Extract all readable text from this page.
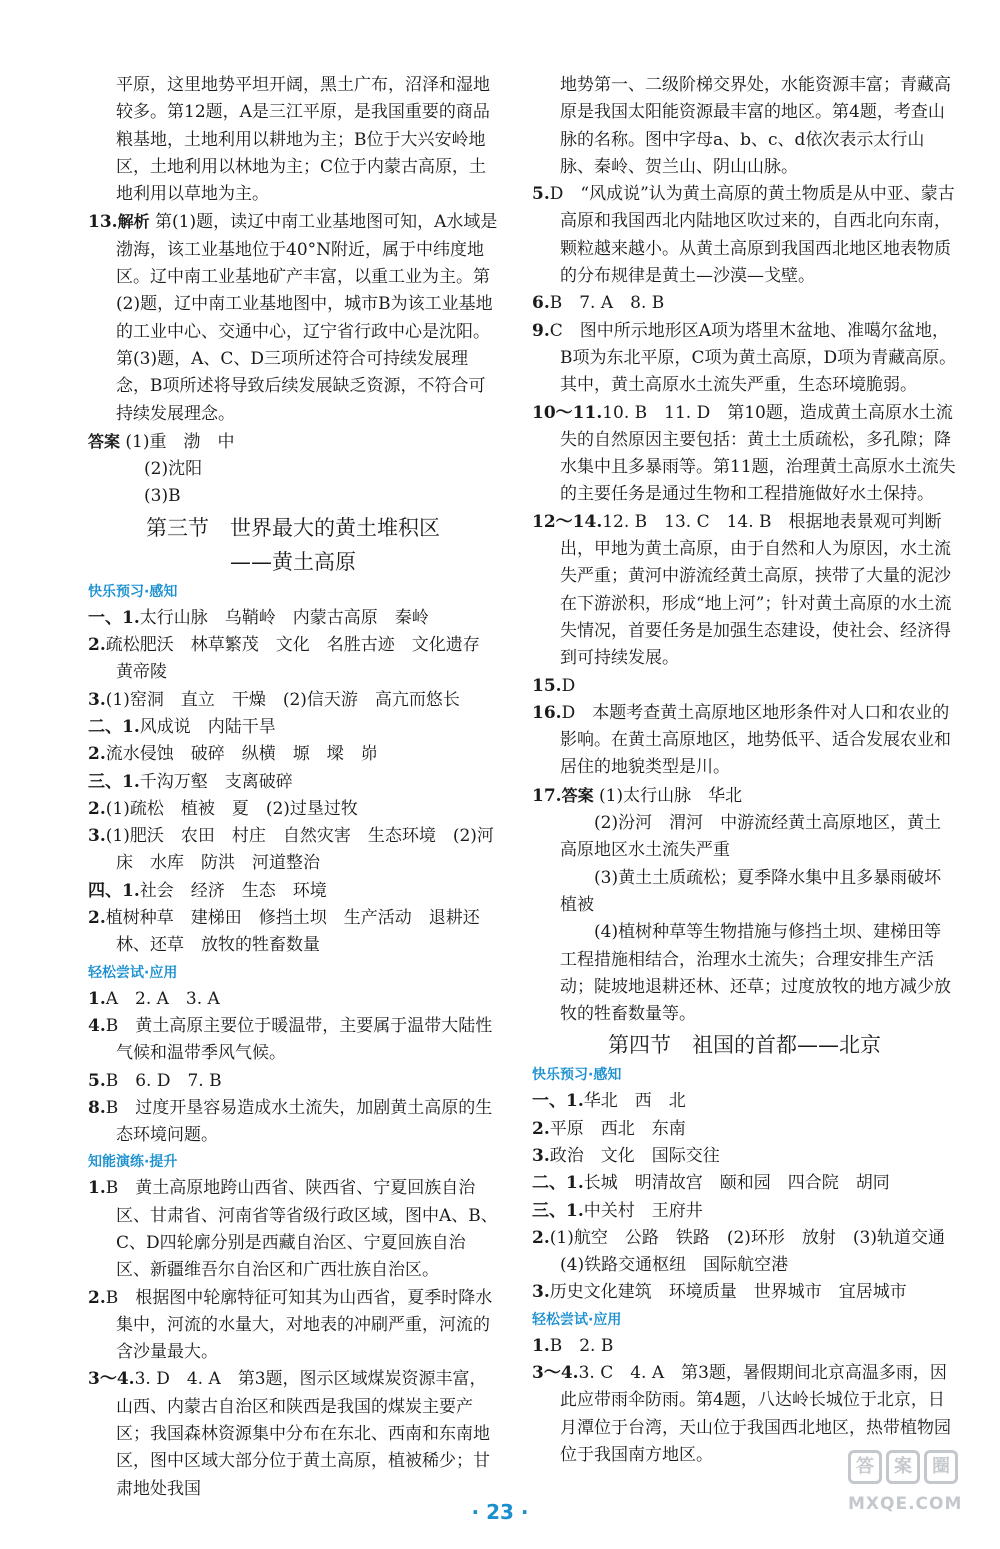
平原，这里地势平坦开阔，黑土广布，沼泽和湿地较多。第12题，A是三江平原，是我国重要的商品粮基地，土地利用以耕地为主；B位于大兴安岭地区，土地利用以林地为主；C位于内蒙古高原，土地利用以草地为主。
13.解析 第(1)题，读辽中南工业基地图可知，A水域是渤海，该工业基地位于40°N附近，属于中纬度地区。辽中南工业基地矿产丰富，以重工业为主。第(2)题，辽中南工业基地图中，城市B为该工业基地的工业中心、交通中心，辽宁省行政中心是沈阳。第(3)题，A、C、D三项所述符合可持续发展理念，B项所述将导致后续发展缺乏资源，不符合可持续发展理念。
答案 (1)重　渤　中
(2)沈阳
(3)B
第三节　世界最大的黄土堆积区
——黄土高原
快乐预习·感知
一、1.太行山脉　乌鞘岭　内蒙古高原　秦岭
2.疏松肥沃　林草繁茂　文化　名胜古迹　文化遗存　黄帝陵
3.(1)窑洞　直立　干燥　(2)信天游　高亢而悠长
二、1.风成说　内陆干旱
2.流水侵蚀　破碎　纵横　塬　墚　峁
三、1.千沟万壑　支离破碎
2.(1)疏松　植被　夏　(2)过垦过牧
3.(1)肥沃　农田　村庄　自然灾害　生态环境　(2)河床　水库　防洪　河道整治
四、1.社会　经济　生态　环境
2.植树种草　建梯田　修挡土坝　生产活动　退耕还林、还草　放牧的牲畜数量
轻松尝试·应用
1.A　2. A　3. A
4.B　黄土高原主要位于暖温带，主要属于温带大陆性气候和温带季风气候。
5.B　6. D　7. B
8.B　过度开垦容易造成水土流失，加剧黄土高原的生态环境问题。
知能演练·提升
1.B　黄土高原地跨山西省、陕西省、宁夏回族自治区、甘肃省、河南省等省级行政区域，图中A、B、C、D四轮廓分别是西藏自治区、宁夏回族自治区、新疆维吾尔自治区和广西壮族自治区。
2.B　根据图中轮廓特征可知其为山西省，夏季时降水集中，河流的水量大，对地表的冲刷严重，河流的含沙量最大。
3～4.3. D　4. A　第3题，图示区域煤炭资源丰富，山西、内蒙古自治区和陕西是我国的煤炭主要产区；我国森林资源集中分布在东北、西南和东南地区，图中区域大部分位于黄土高原，植被稀少；甘肃地处我国
地势第一、二级阶梯交界处，水能资源丰富；青藏高原是我国太阳能资源最丰富的地区。第4题，考查山脉的名称。图中字母a、b、c、d依次表示太行山脉、秦岭、贺兰山、阴山山脉。
5.D　“风成说”认为黄土高原的黄土物质是从中亚、蒙古高原和我国西北内陆地区吹过来的，自西北向东南，颗粒越来越小。从黄土高原到我国西北地区地表物质的分布规律是黄土—沙漠—戈壁。
6.B　7. A　8. B
9.C　图中所示地形区A项为塔里木盆地、准噶尔盆地，B项为东北平原，C项为黄土高原，D项为青藏高原。其中，黄土高原水土流失严重，生态环境脆弱。
10～11.10. B　11. D　第10题，造成黄土高原水土流失的自然原因主要包括：黄土土质疏松，多孔隙；降水集中且多暴雨等。第11题，治理黄土高原水土流失的主要任务是通过生物和工程措施做好水土保持。
12～14.12. B　13. C　14. B　根据地表景观可判断出，甲地为黄土高原，由于自然和人为原因，水土流失严重；黄河中游流经黄土高原，挟带了大量的泥沙在下游淤积，形成“地上河”；针对黄土高原的水土流失情况，首要任务是加强生态建设，使社会、经济得到可持续发展。
15.D
16.D　本题考查黄土高原地区地形条件对人口和农业的影响。在黄土高原地区，地势低平、适合发展农业和居住的地貌类型是川。
17.答案 (1)太行山脉　华北
(2)汾河　渭河　中游流经黄土高原地区，黄土高原地区水土流失严重
(3)黄土土质疏松；夏季降水集中且多暴雨破坏植被
(4)植树种草等生物措施与修挡土坝、建梯田等工程措施相结合，治理水土流失；合理安排生产活动；陡坡地退耕还林、还草；过度放牧的地方减少放牧的牲畜数量等。
第四节　祖国的首都——北京
快乐预习·感知
一、1.华北　西　北
2.平原　西北　东南
3.政治　文化　国际交往
二、1.长城　明清故宫　颐和园　四合院　胡同
三、1.中关村　王府井
2.(1)航空　公路　铁路　(2)环形　放射　(3)轨道交通　(4)铁路交通枢纽　国际航空港
3.历史文化建筑　环境质量　世界城市　宜居城市
轻松尝试·应用
1.B　2. B
3～4.3. C　4. A　第3题，暑假期间北京高温多雨，因此应带雨伞防雨。第4题，八达岭长城位于北京，日月潭位于台湾，天山位于我国西北地区，热带植物园位于我国南方地区。
· 23 ·
答	案	圈
MXQE.COM
